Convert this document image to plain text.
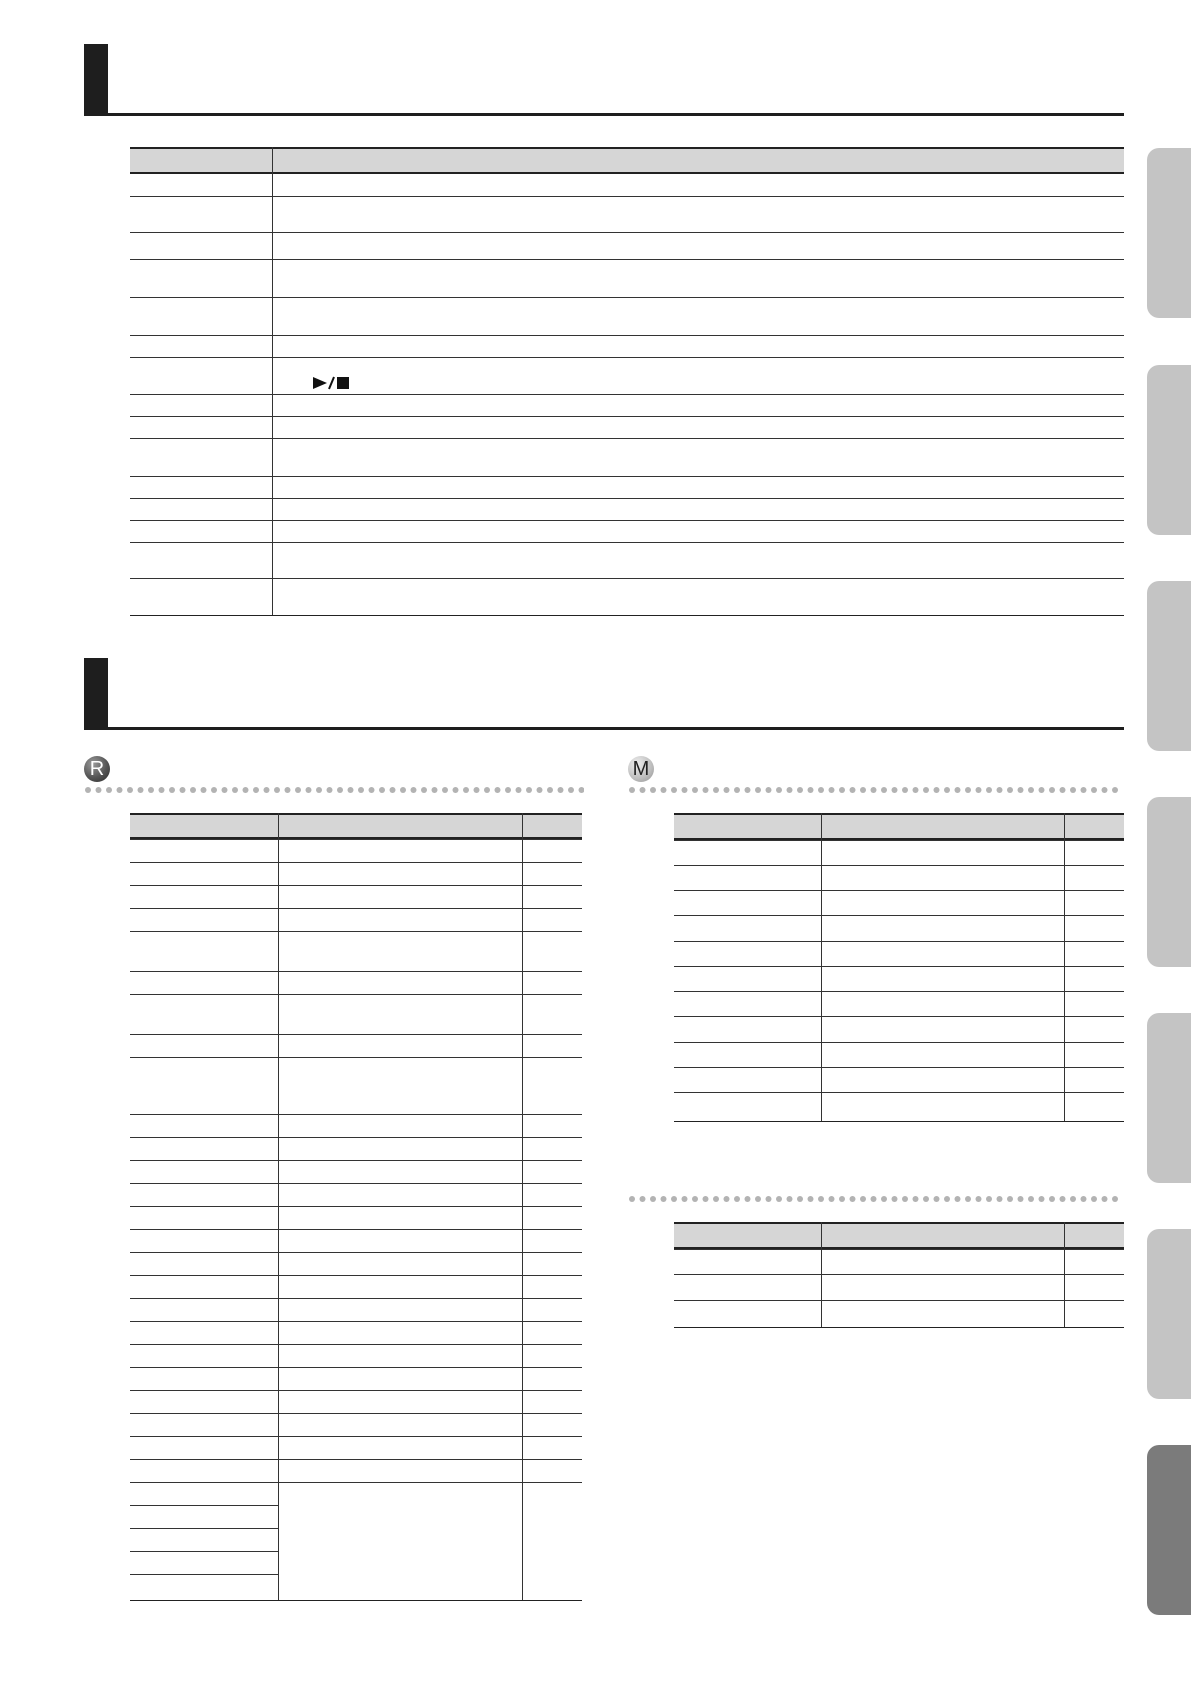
R	M
